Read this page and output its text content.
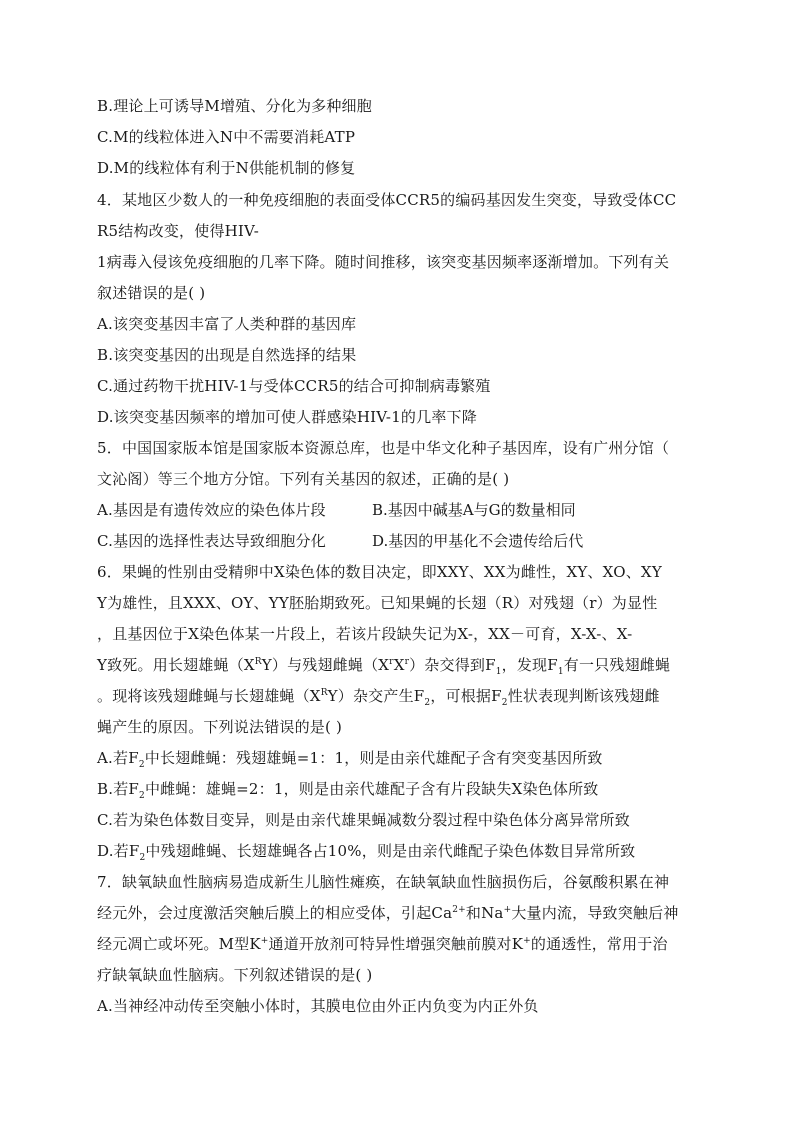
B.理论上可诱导M增殖、分化为多种细胞
C.M的线粒体进入N中不需要消耗ATP
D.M的线粒体有利于N供能机制的修复
4．某地区少数人的一种免疫细胞的表面受体CCR5的编码基因发生突变，导致受体CC
R5结构改变，使得HIV-
1病毒入侵该免疫细胞的几率下降。随时间推移，该突变基因频率逐渐增加。下列有关
叙述错误的是( )
A.该突变基因丰富了人类种群的基因库
B.该突变基因的出现是自然选择的结果
C.通过药物干扰HIV-1与受体CCR5的结合可抑制病毒繁殖
D.该突变基因频率的增加可使人群感染HIV-1的几率下降
5．中国国家版本馆是国家版本资源总库，也是中华文化种子基因库，设有广州分馆（
文沁阁）等三个地方分馆。下列有关基因的叙述，正确的是( )
A.基因是有遗传效应的染色体片段	B.基因中碱基A与G的数量相同
C.基因的选择性表达导致细胞分化	D.基因的甲基化不会遗传给后代
6．果蝇的性别由受精卵中X染色体的数目决定，即XXY、XX为雌性，XY、XO、XY
Y为雄性，且XXX、OY、YY胚胎期致死。已知果蝇的长翅（R）对残翅（r）为显性
，且基因位于X染色体某一片段上，若该片段缺失记为X-，XX－可育，X-X-、X-
Y致死。用长翅雄蝇$(X^RY)$与残翅雌蝇$(X^rX^r)$杂交得到$F_1$，发现$F_1$有一只残翅雌蝇
。现将该残翅雌蝇与长翅雄蝇$(X^RY)$杂交产生$F_2$，可根据$F_2$性状表现判断该残翅雌
蝇产生的原因。下列说法错误的是( )
A.若$F_2$中长翅雌蝇：残翅雄蝇=1：1，则是由亲代雄配子含有突变基因所致
B.若$F_2$中雌蝇：雄蝇=2：1，则是由亲代雄配子含有片段缺失X染色体所致
C.若为染色体数目变异，则是由亲代雄果蝇减数分裂过程中染色体分离异常所致
D.若$F_2$中残翅雌蝇、长翅雄蝇各占10%，则是由亲代雌配子染色体数目异常所致
7．缺氧缺血性脑病易造成新生儿脑性瘫痪，在缺氧缺血性脑损伤后，谷氨酸积累在神
经元外，会过度激活突触后膜上的相应受体，引起$Ca^{2+}$和Na+大量内流，导致突触后神
经元凋亡或坏死。M型K+通道开放剂可特异性增强突触前膜对K+的通透性，常用于治
疗缺氧缺血性脑病。下列叙述错误的是( )
A.当神经冲动传至突触小体时，其膜电位由外正内负变为内正外负
